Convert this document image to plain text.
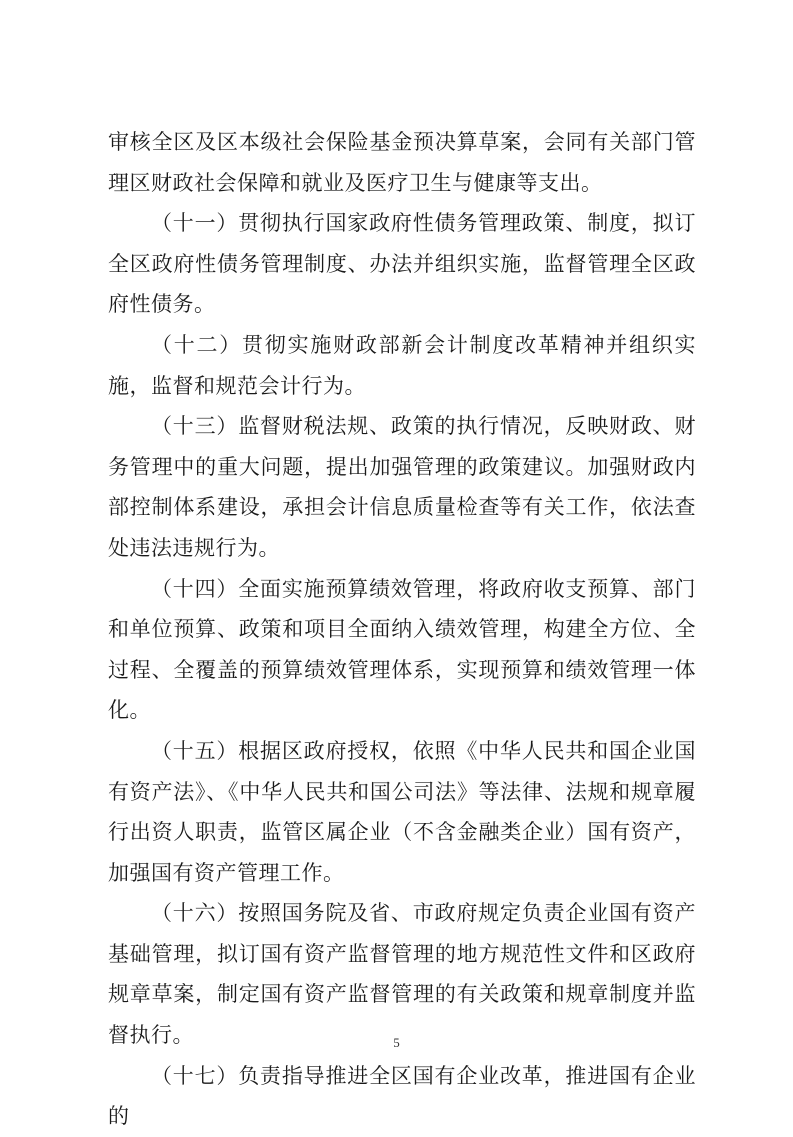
审核全区及区本级社会保险基金预决算草案，会同有关部门管理区财政社会保障和就业及医疗卫生与健康等支出。

（十一）贯彻执行国家政府性债务管理政策、制度，拟订全区政府性债务管理制度、办法并组织实施，监督管理全区政府性债务。

（十二）贯彻实施财政部新会计制度改革精神并组织实施，监督和规范会计行为。

（十三）监督财税法规、政策的执行情况，反映财政、财务管理中的重大问题，提出加强管理的政策建议。加强财政内部控制体系建设，承担会计信息质量检查等有关工作，依法查处违法违规行为。

（十四）全面实施预算绩效管理，将政府收支预算、部门和单位预算、政策和项目全面纳入绩效管理，构建全方位、全过程、全覆盖的预算绩效管理体系，实现预算和绩效管理一体化。

（十五）根据区政府授权，依照《中华人民共和国企业国有资产法》、《中华人民共和国公司法》等法律、法规和规章履行出资人职责，监管区属企业（不含金融类企业）国有资产，加强国有资产管理工作。

（十六）按照国务院及省、市政府规定负责企业国有资产基础管理，拟订国有资产监督管理的地方规范性文件和区政府规章草案，制定国有资产监督管理的有关政策和规章制度并监督执行。

（十七）负责指导推进全区国有企业改革，推进国有企业的

5
